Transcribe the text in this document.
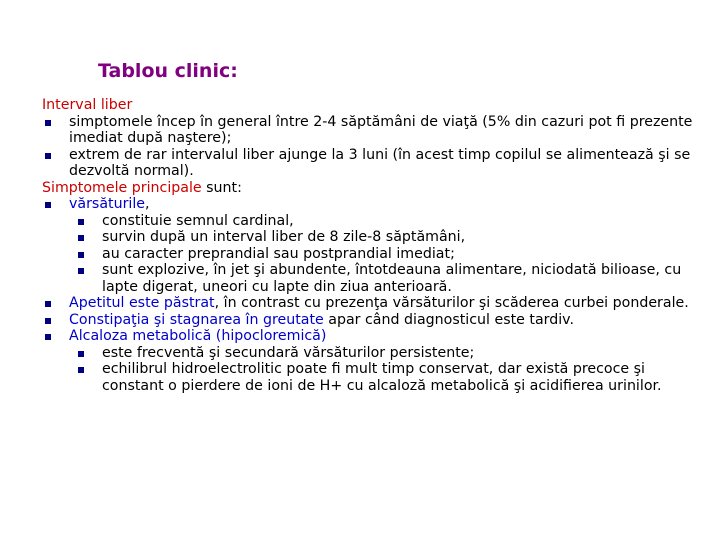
Tablou clinic:
Interval liber
simptomele încep în general între 2-4 săptămâni de viaţă (5% din cazuri pot fi prezente imediat după naştere);
extrem de rar intervalul liber ajunge la 3 luni (în acest timp copilul se alimentează şi se dezvoltă normal).
Simptomele principale sunt:
vărsăturile,
constituie semnul cardinal,
survin după un interval liber de 8 zile-8 săptămâni,
au caracter preprandial sau postprandial imediat;
sunt explozive, în jet şi abundente, întotdeauna alimentare, niciodată bilioase, cu lapte digerat, uneori cu lapte din ziua anterioară.
Apetitul este păstrat, în contrast cu prezenţa vărsăturilor şi scăderea curbei ponderale.
Constipaţia şi stagnarea în greutate apar când diagnosticul este tardiv.
Alcaloza metabolică (hipocloremică)
este frecventă şi secundară vărsăturilor persistente;
echilibrul hidroelectrolitic poate fi mult timp conservat, dar există precoce şi constant o pierdere de ioni de H+ cu alcaloză metabolică şi acidifierea urinilor.
